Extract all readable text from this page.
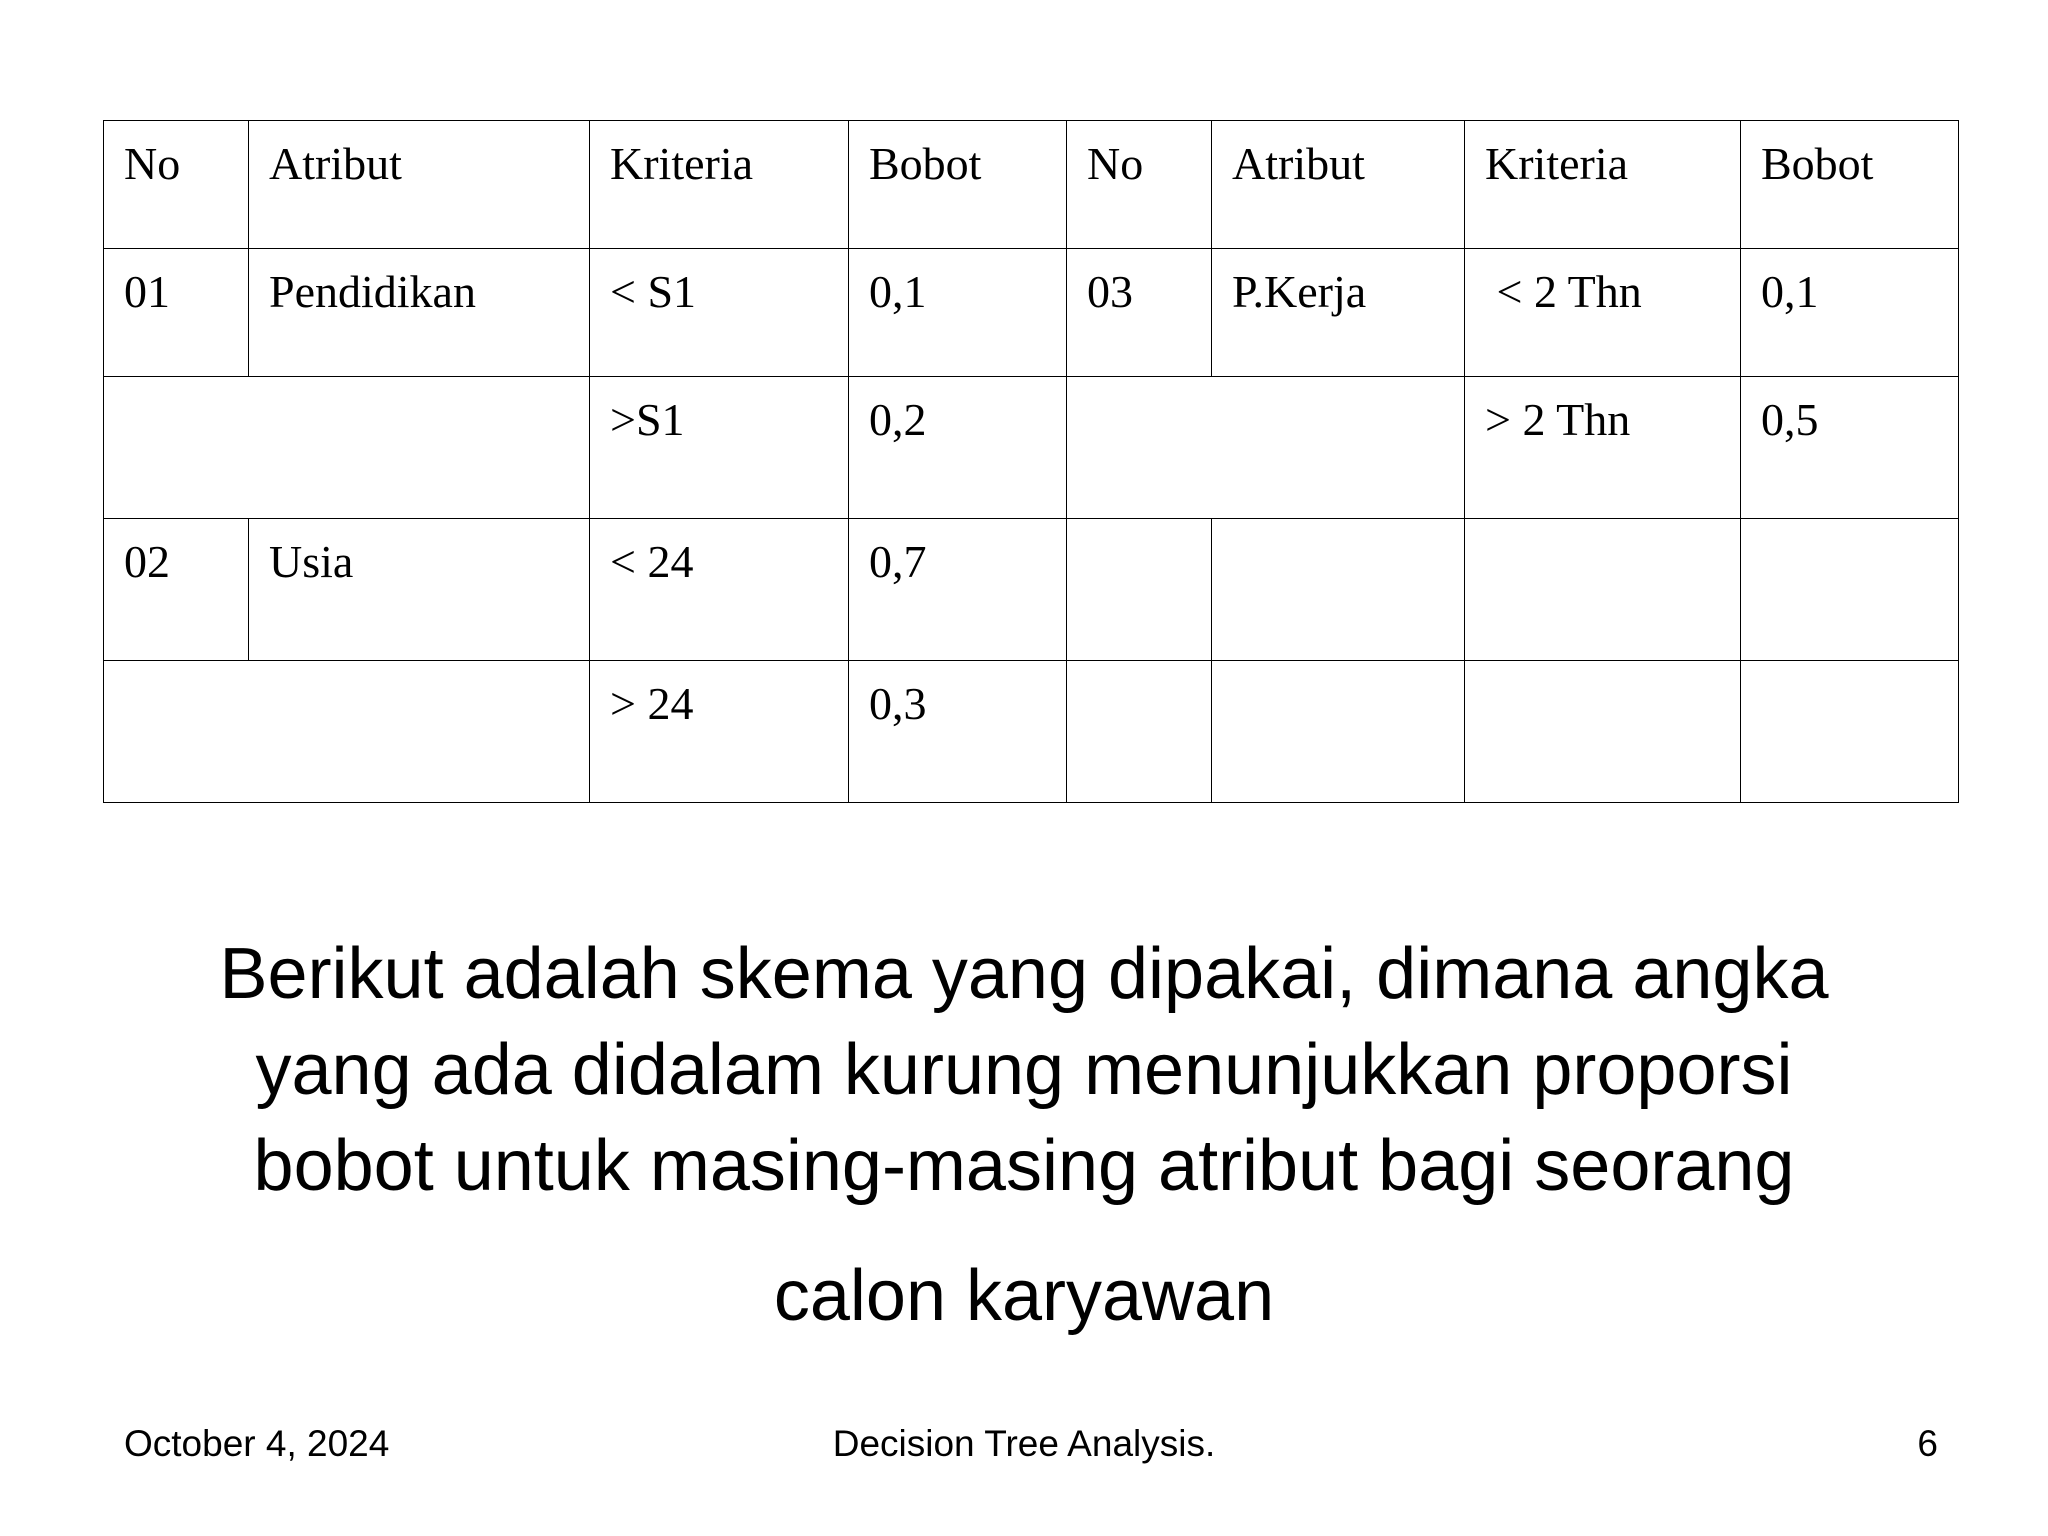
No	Atribut	Kriteria	Bobot	No	Atribut	Kriteria	Bobot
01	Pendidikan	< S1	0,1	03	P.Kerja	< 2 Thn	0,1
		>S1	0,2			> 2 Thn	0,5
02	Usia	< 24	0,7				
		> 24	0,3				
Berikut adalah skema yang dipakai, dimana angka
yang ada didalam kurung menunjukkan proporsi
bobot untuk masing-masing atribut bagi seorang
calon karyawan
October 4, 2024	Decision Tree Analysis.	6
